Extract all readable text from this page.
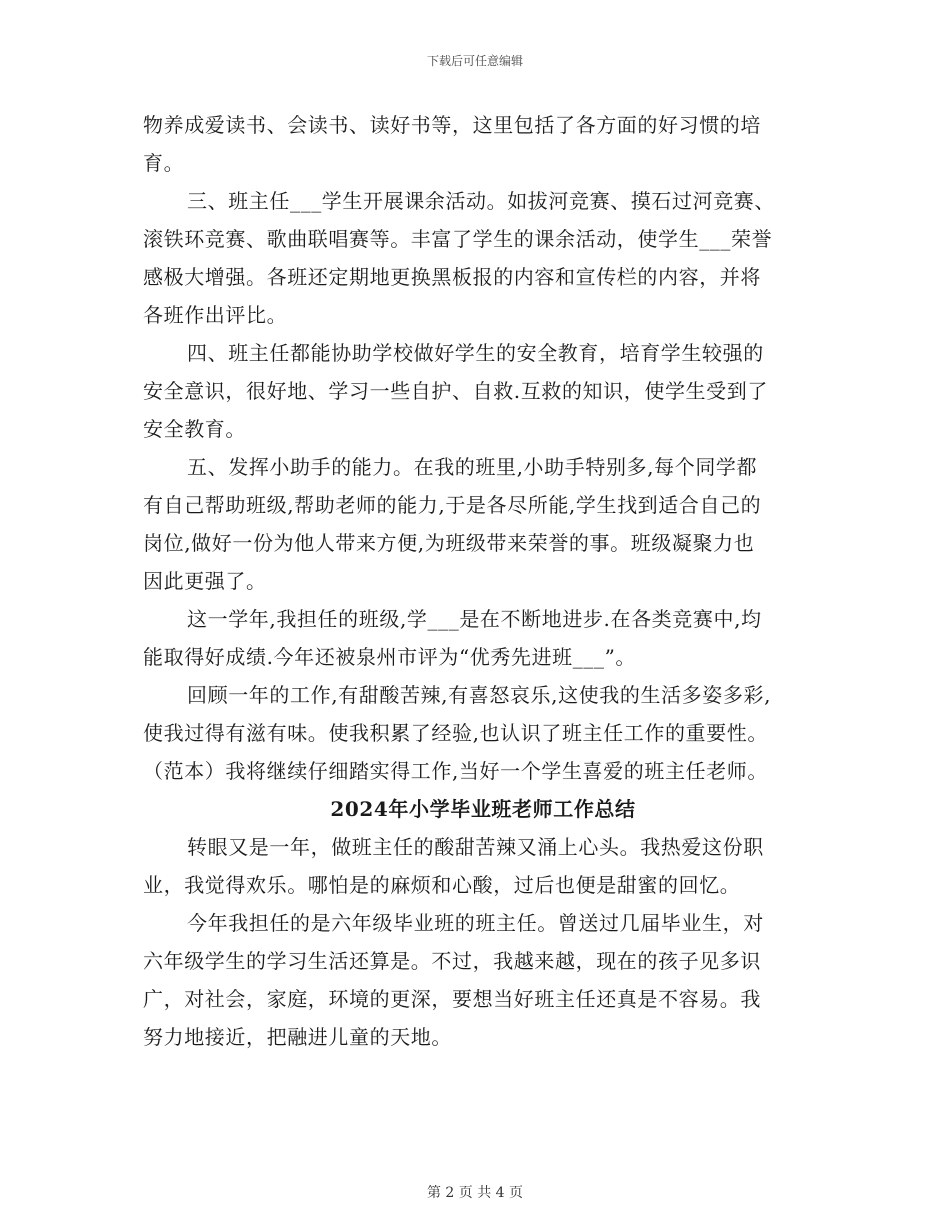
下载后可任意编辑
物养成爱读书、会读书、读好书等，这里包括了各方面的好习惯的培
育。
三、班主任___学生开展课余活动。如拔河竞赛、摸石过河竞赛、
滚铁环竞赛、歌曲联唱赛等。丰富了学生的课余活动，使学生___荣誉
感极大增强。各班还定期地更换黑板报的内容和宣传栏的内容，并将
各班作出评比。
四、班主任都能协助学校做好学生的安全教育，培育学生较强的
安全意识，很好地、学习一些自护、自救.互救的知识，使学生受到了
安全教育。
五、发挥小助手的能力。在我的班里,小助手特别多,每个同学都
有自己帮助班级,帮助老师的能力,于是各尽所能,学生找到适合自己的
岗位,做好一份为他人带来方便,为班级带来荣誉的事。班级凝聚力也
因此更强了。
这一学年,我担任的班级,学___是在不断地进步.在各类竞赛中,均
能取得好成绩.今年还被泉州市评为“优秀先进班___”。
回顾一年的工作,有甜酸苦辣,有喜怒哀乐,这使我的生活多姿多彩,
使我过得有滋有味。使我积累了经验,也认识了班主任工作的重要性。
（范本）我将继续仔细踏实得工作,当好一个学生喜爱的班主任老师。
2024年小学毕业班老师工作总结
转眼又是一年，做班主任的酸甜苦辣又涌上心头。我热爱这份职
业，我觉得欢乐。哪怕是的麻烦和心酸，过后也便是甜蜜的回忆。
今年我担任的是六年级毕业班的班主任。曾送过几届毕业生，对
六年级学生的学习生活还算是。不过，我越来越，现在的孩子见多识
广，对社会，家庭，环境的更深，要想当好班主任还真是不容易。我
努力地接近，把融进儿童的天地。
第 2 页 共 4 页
